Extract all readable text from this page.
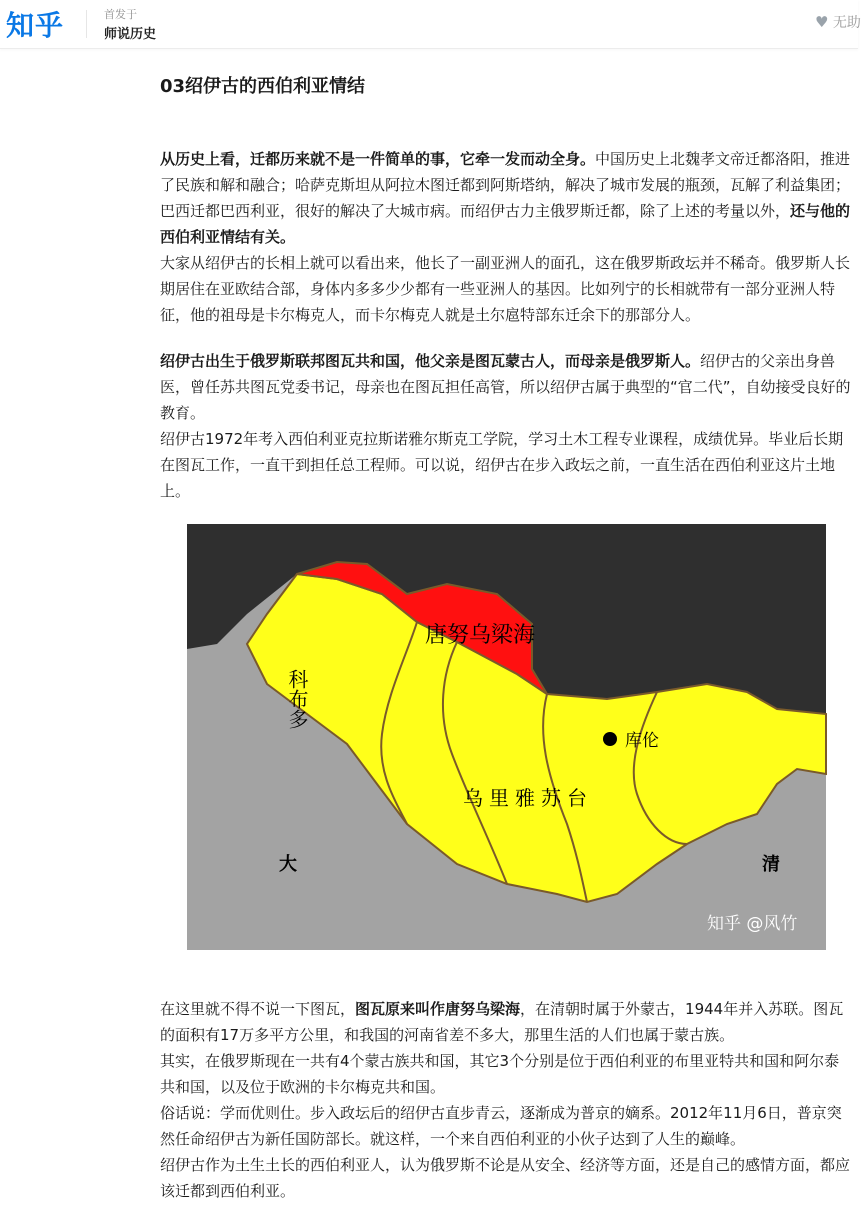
知乎	首发于
师说历史
♥ 无助
03绍伊古的西伯利亚情结

从历史上看，迁都历来就不是一件简单的事，它牵一发而动全身。中国历史上北魏孝文帝迁都洛阳，推进了民族和解和融合；哈萨克斯坦从阿拉木图迁都到阿斯塔纳，解决了城市发展的瓶颈，瓦解了利益集团；巴西迁都巴西利亚，很好的解决了大城市病。而绍伊古力主俄罗斯迁都，除了上述的考量以外，还与他的西伯利亚情结有关。

大家从绍伊古的长相上就可以看出来，他长了一副亚洲人的面孔，这在俄罗斯政坛并不稀奇。俄罗斯人长期居住在亚欧结合部，身体内多多少少都有一些亚洲人的基因。比如列宁的长相就带有一部分亚洲人特征，他的祖母是卡尔梅克人，而卡尔梅克人就是土尔扈特部东迁余下的那部分人。

绍伊古出生于俄罗斯联邦图瓦共和国，他父亲是图瓦蒙古人，而母亲是俄罗斯人。绍伊古的父亲出身兽医，曾任苏共图瓦党委书记，母亲也在图瓦担任高管，所以绍伊古属于典型的“官二代”，自幼接受良好的教育。

绍伊古1972年考入西伯利亚克拉斯诺雅尔斯克工学院，学习土木工程专业课程，成绩优异。毕业后长期在图瓦工作，一直干到担任总工程师。可以说，绍伊古在步入政坛之前，一直生活在西伯利亚这片土地上。

唐努乌梁海
科布多
乌里雅苏台
库伦
大	清
知乎 @风竹

在这里就不得不说一下图瓦，图瓦原来叫作唐努乌梁海，在清朝时属于外蒙古，1944年并入苏联。图瓦的面积有17万多平方公里，和我国的河南省差不多大，那里生活的人们也属于蒙古族。

其实，在俄罗斯现在一共有4个蒙古族共和国，其它3个分别是位于西伯利亚的布里亚特共和国和阿尔泰共和国，以及位于欧洲的卡尔梅克共和国。

俗话说：学而优则仕。步入政坛后的绍伊古直步青云，逐渐成为普京的嫡系。2012年11月6日，普京突然任命绍伊古为新任国防部长。就这样，一个来自西伯利亚的小伙子达到了人生的巅峰。

绍伊古作为土生土长的西伯利亚人，认为俄罗斯不论是从安全、经济等方面，还是自己的感情方面，都应该迁都到西伯利亚。
